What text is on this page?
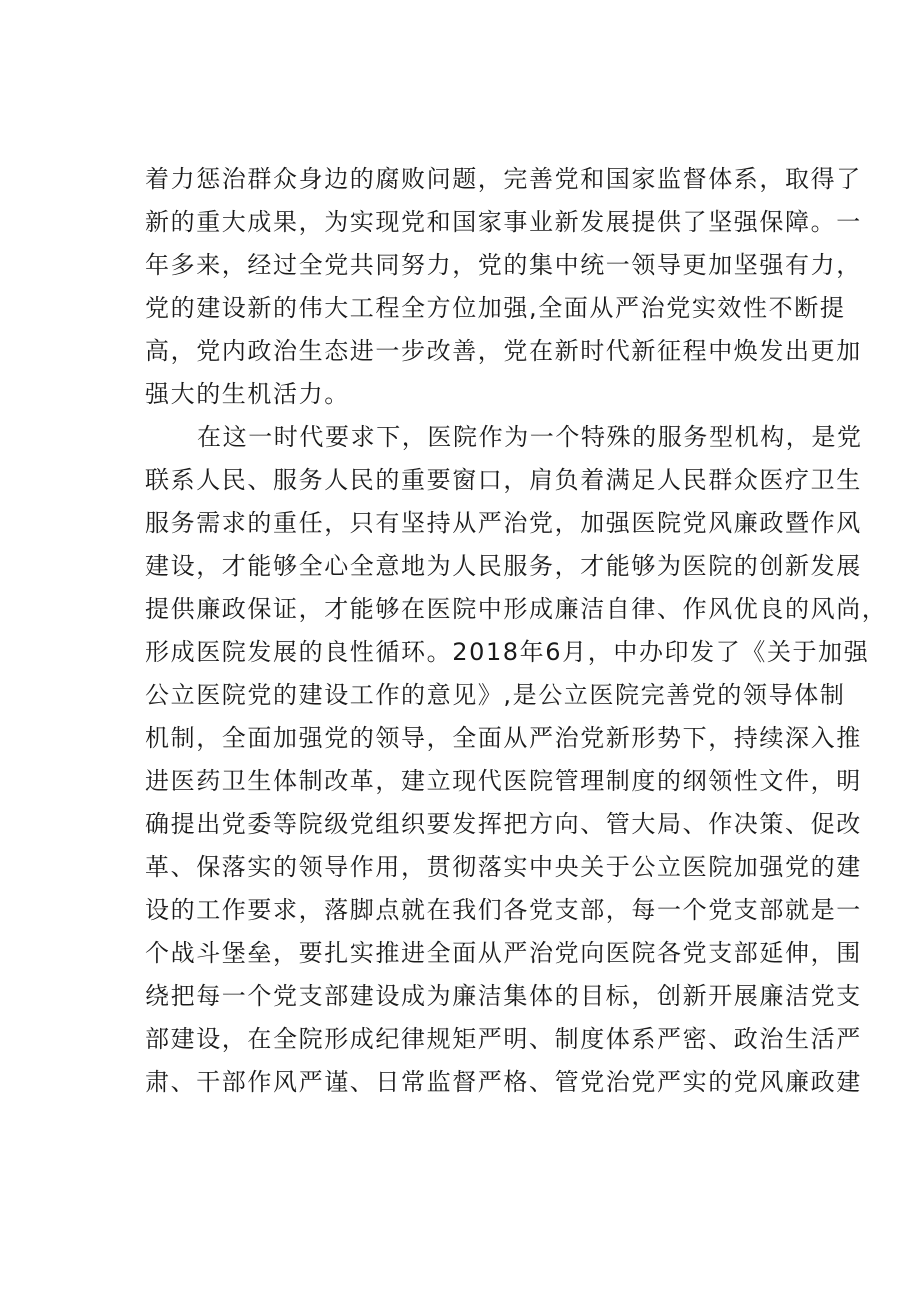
着力惩治群众身边的腐败问题，完善党和国家监督体系，取得了
新的重大成果，为实现党和国家事业新发展提供了坚强保障。一
年多来，经过全党共同努力，党的集中统一领导更加坚强有力，
党的建设新的伟大工程全方位加强,全面从严治党实效性不断提
高，党内政治生态进一步改善，党在新时代新征程中焕发出更加
强大的生机活力。
在这一时代要求下，医院作为一个特殊的服务型机构，是党
联系人民、服务人民的重要窗口，肩负着满足人民群众医疗卫生
服务需求的重任，只有坚持从严治党，加强医院党风廉政暨作风
建设，才能够全心全意地为人民服务，才能够为医院的创新发展
提供廉政保证，才能够在医院中形成廉洁自律、作风优良的风尚，
形成医院发展的良性循环。2018年6月，中办印发了《关于加强
公立医院党的建设工作的意见》,是公立医院完善党的领导体制
机制，全面加强党的领导，全面从严治党新形势下，持续深入推
进医药卫生体制改革，建立现代医院管理制度的纲领性文件，明
确提出党委等院级党组织要发挥把方向、管大局、作决策、促改
革、保落实的领导作用，贯彻落实中央关于公立医院加强党的建
设的工作要求，落脚点就在我们各党支部，每一个党支部就是一
个战斗堡垒，要扎实推进全面从严治党向医院各党支部延伸，围
绕把每一个党支部建设成为廉洁集体的目标，创新开展廉洁党支
部建设，在全院形成纪律规矩严明、制度体系严密、政治生活严
肃、干部作风严谨、日常监督严格、管党治党严实的党风廉政建
